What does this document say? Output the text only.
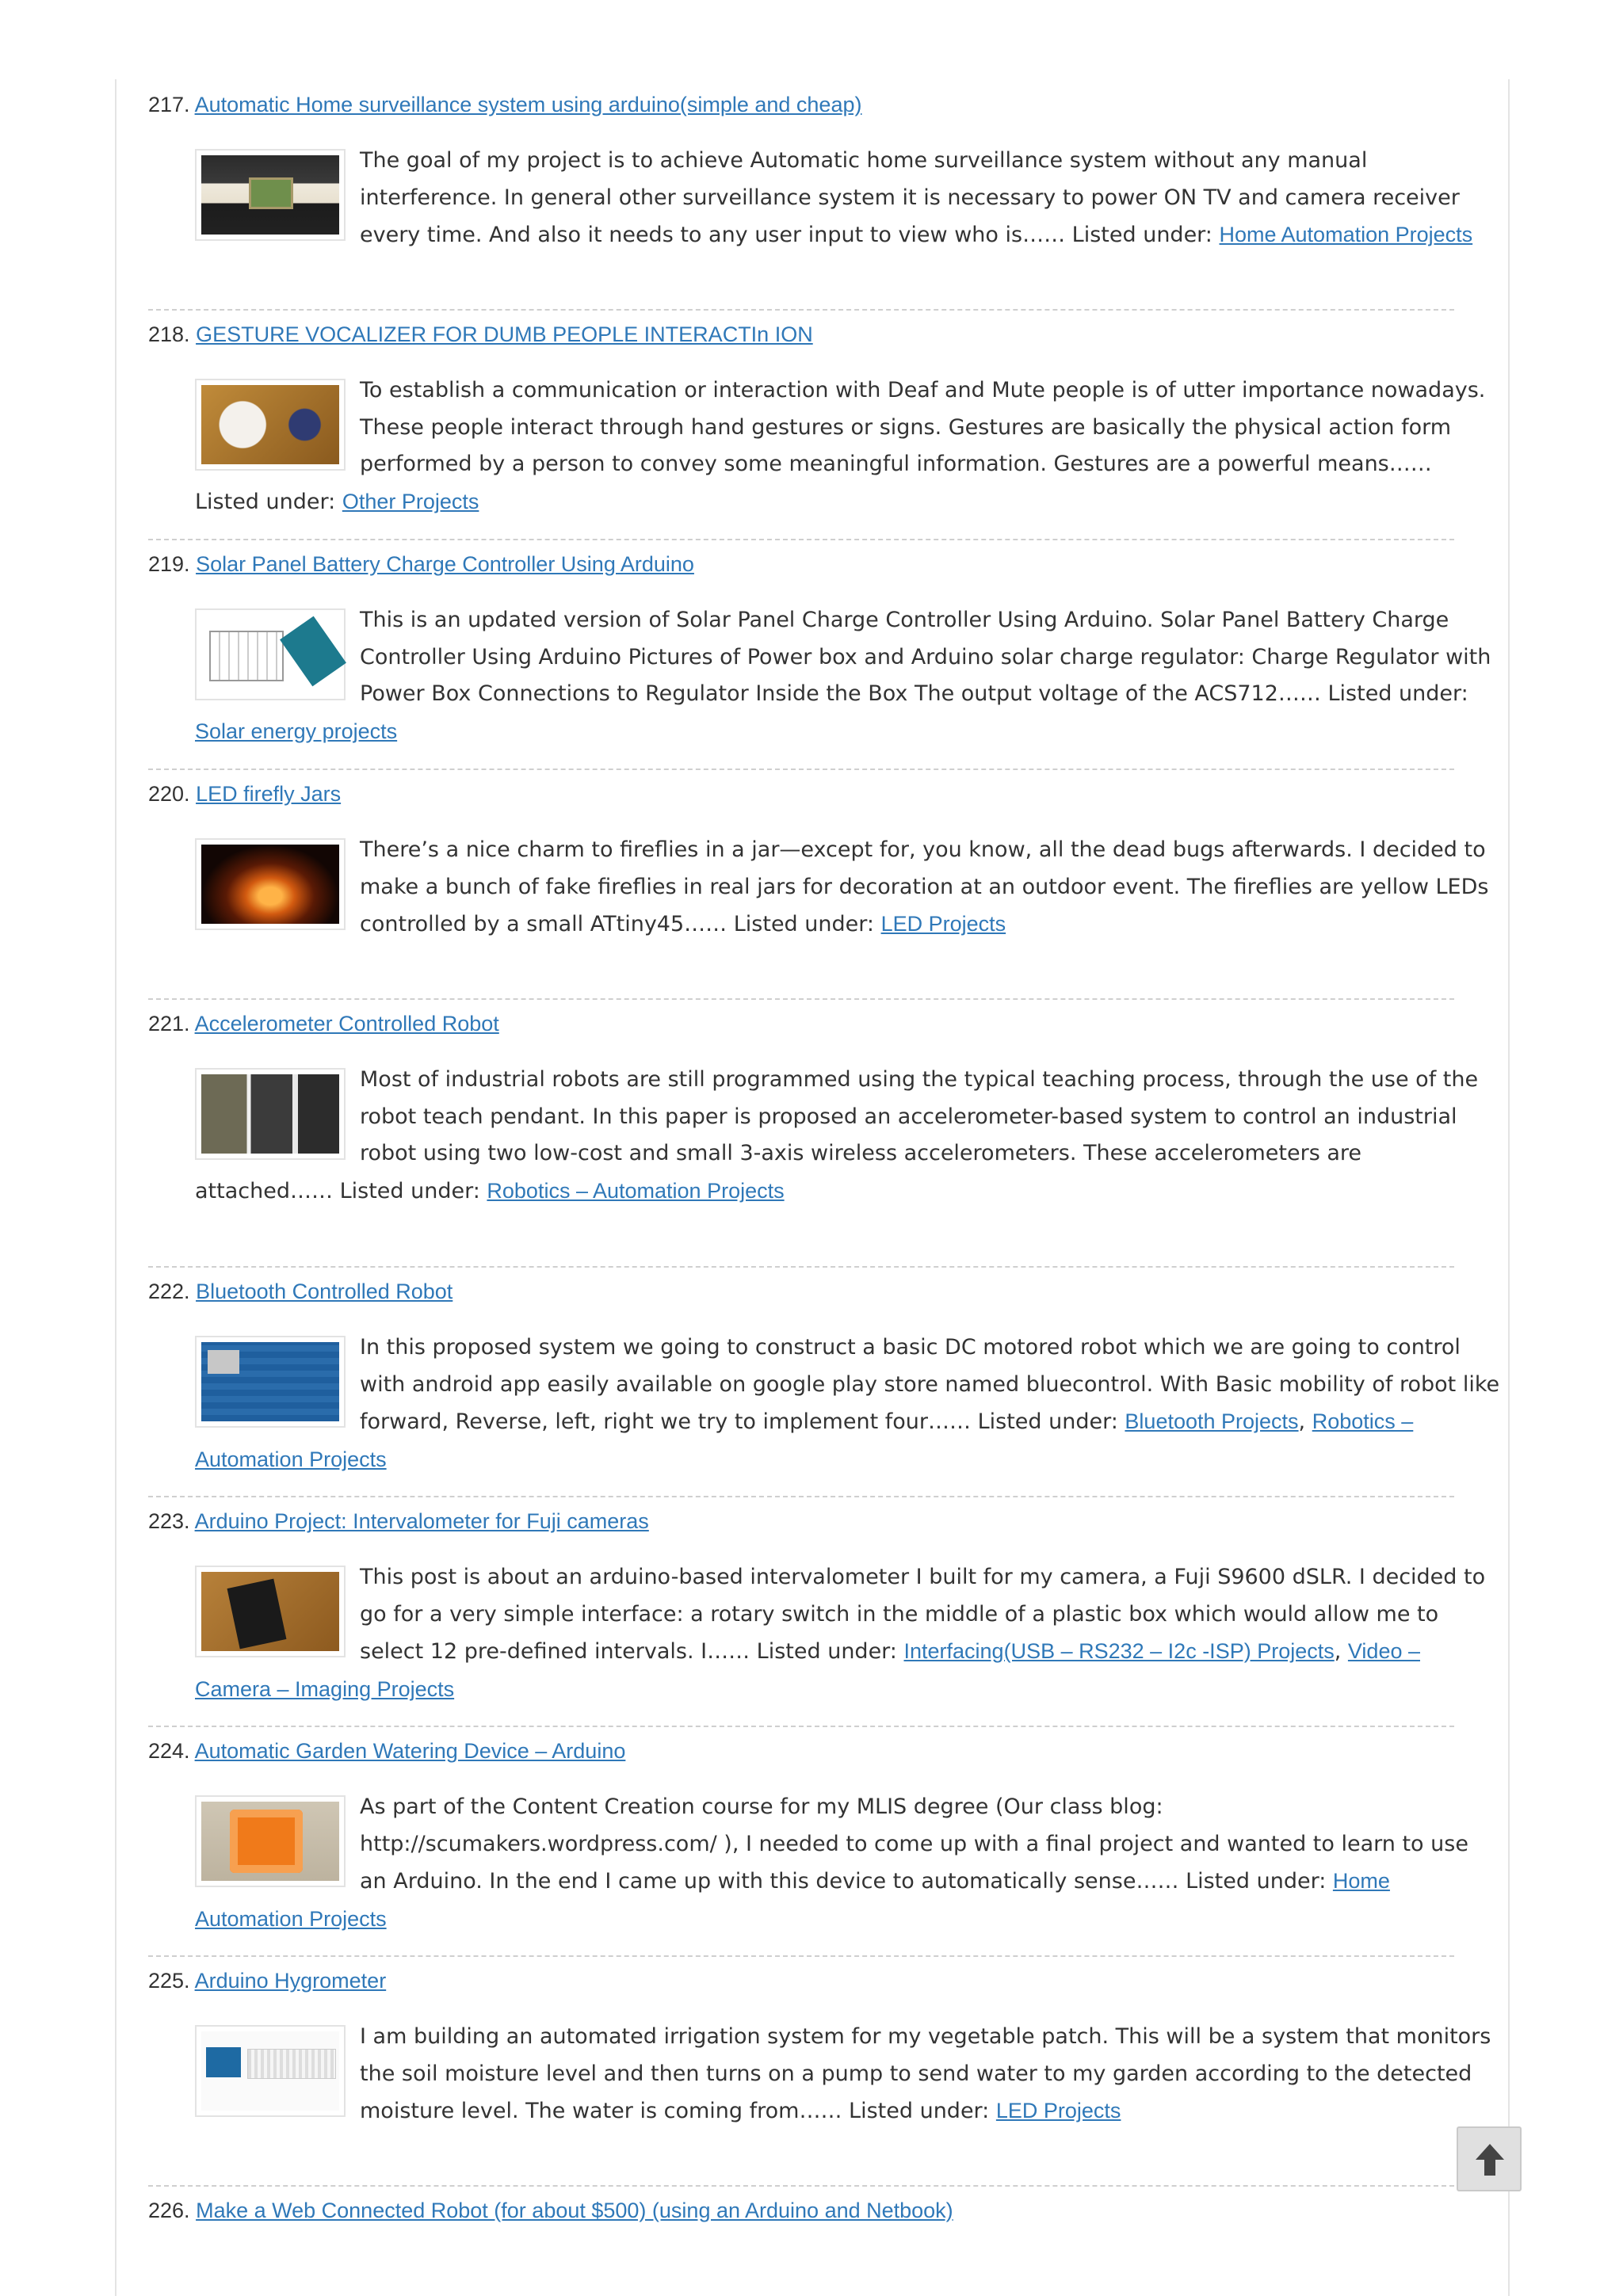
217. Automatic Home surveillance system using arduino(simple and cheap)
The goal of my project is to achieve Automatic home surveillance system without any manual interference. In general other surveillance system it is necessary to power ON TV and camera receiver every time. And also it needs to any user input to view who is…… Listed under: Home Automation Projects
218. GESTURE VOCALIZER FOR DUMB PEOPLE INTERACTIn ION
To establish a communication or interaction with Deaf and Mute people is of utter importance nowadays. These people interact through hand gestures or signs. Gestures are basically the physical action form performed by a person to convey some meaningful information. Gestures are a powerful means…… Listed under: Other Projects
219. Solar Panel Battery Charge Controller Using Arduino
This is an updated version of Solar Panel Charge Controller Using Arduino. Solar Panel Battery Charge Controller Using Arduino Pictures of Power box and Arduino solar charge regulator: Charge Regulator with Power Box Connections to Regulator Inside the Box The output voltage of the ACS712…… Listed under: Solar energy projects
220. LED firefly Jars
There’s a nice charm to fireflies in a jar—except for, you know, all the dead bugs afterwards. I decided to make a bunch of fake fireflies in real jars for decoration at an outdoor event. The fireflies are yellow LEDs controlled by a small ATtiny45…… Listed under: LED Projects
221. Accelerometer Controlled Robot
Most of industrial robots are still programmed using the typical teaching process, through the use of the robot teach pendant. In this paper is proposed an accelerometer-based system to control an industrial robot using two low-cost and small 3-axis wireless accelerometers. These accelerometers are attached…… Listed under: Robotics – Automation Projects
222. Bluetooth Controlled Robot
In this proposed system we going to construct a basic DC motored robot which we are going to control with android app easily available on google play store named bluecontrol. With Basic mobility of robot like forward, Reverse, left, right we try to implement four…… Listed under: Bluetooth Projects, Robotics – Automation Projects
223. Arduino Project: Intervalometer for Fuji cameras
This post is about an arduino-based intervalometer I built for my camera, a Fuji S9600 dSLR. I decided to go for a very simple interface: a rotary switch in the middle of a plastic box which would allow me to select 12 pre-defined intervals. I…… Listed under: Interfacing(USB – RS232 – I2c -ISP) Projects, Video – Camera – Imaging Projects
224. Automatic Garden Watering Device – Arduino
As part of the Content Creation course for my MLIS degree (Our class blog: http://scumakers.wordpress.com/ ), I needed to come up with a final project and wanted to learn to use an Arduino. In the end I came up with this device to automatically sense…… Listed under: Home Automation Projects
225. Arduino Hygrometer
I am building an automated irrigation system for my vegetable patch. This will be a system that monitors the soil moisture level and then turns on a pump to send water to my garden according to the detected moisture level. The water is coming from…… Listed under: LED Projects
226. Make a Web Connected Robot (for about $500) (using an Arduino and Netbook)
